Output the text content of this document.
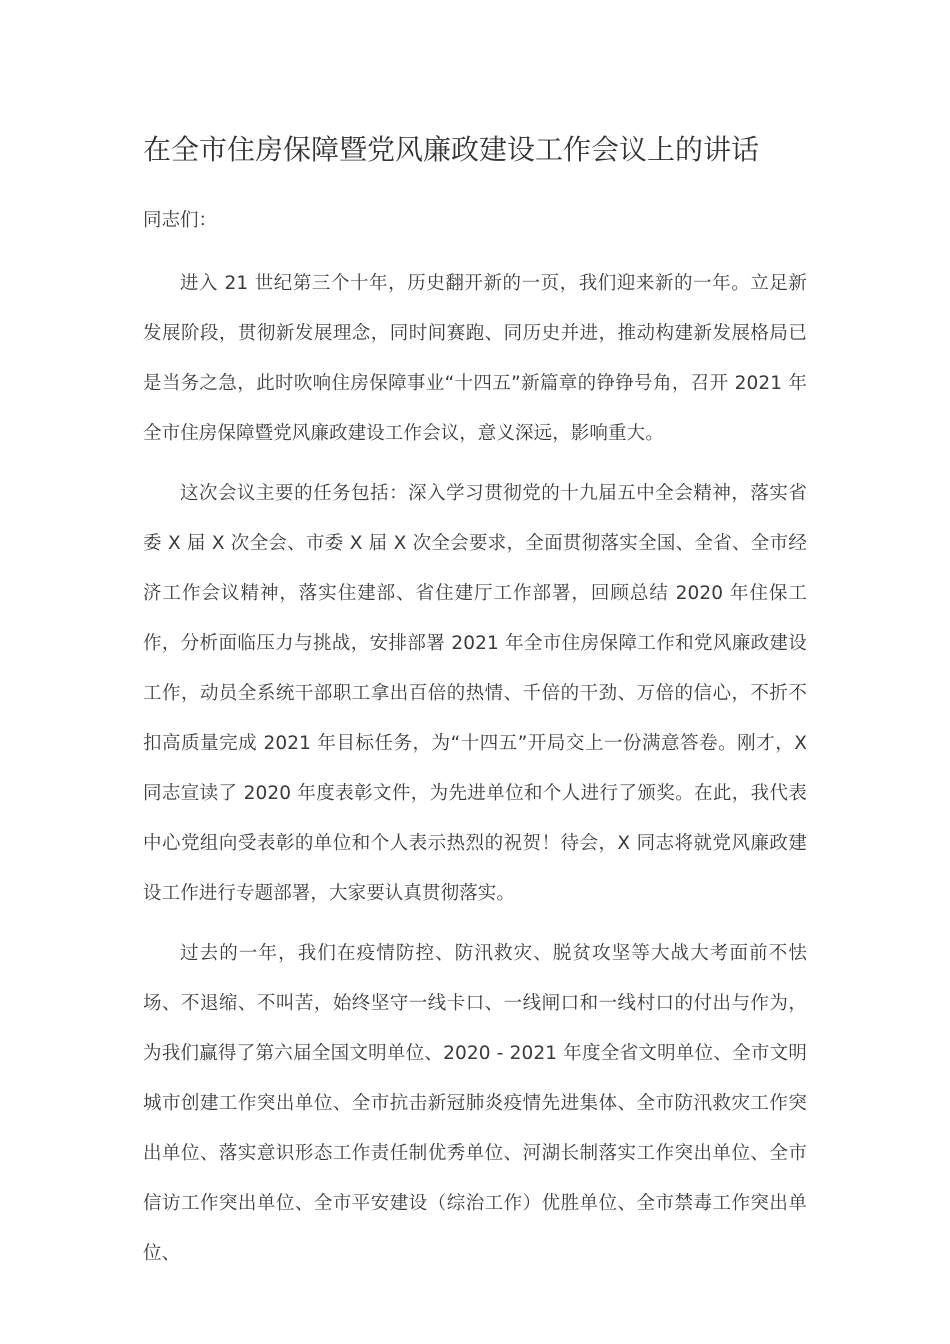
在全市住房保障暨党风廉政建设工作会议上的讲话

同志们：

进入 21 世纪第三个十年，历史翻开新的一页，我们迎来新的一年。立足新发展阶段，贯彻新发展理念，同时间赛跑、同历史并进，推动构建新发展格局已是当务之急，此时吹响住房保障事业“十四五”新篇章的铮铮号角，召开 2021 年全市住房保障暨党风廉政建设工作会议，意义深远，影响重大。

这次会议主要的任务包括：深入学习贯彻党的十九届五中全会精神，落实省委 X 届 X 次全会、市委 X 届 X 次全会要求，全面贯彻落实全国、全省、全市经济工作会议精神，落实住建部、省住建厅工作部署，回顾总结 2020 年住保工作，分析面临压力与挑战，安排部署 2021 年全市住房保障工作和党风廉政建设工作，动员全系统干部职工拿出百倍的热情、千倍的干劲、万倍的信心，不折不扣高质量完成 2021 年目标任务，为“十四五”开局交上一份满意答卷。刚才，X 同志宣读了 2020 年度表彰文件，为先进单位和个人进行了颁奖。在此，我代表中心党组向受表彰的单位和个人表示热烈的祝贺！待会，X 同志将就党风廉政建设工作进行专题部署，大家要认真贯彻落实。

过去的一年，我们在疫情防控、防汛救灾、脱贫攻坚等大战大考面前不怯场、不退缩、不叫苦，始终坚守一线卡口、一线闸口和一线村口的付出与作为，为我们赢得了第六届全国文明单位、2020 - 2021 年度全省文明单位、全市文明城市创建工作突出单位、全市抗击新冠肺炎疫情先进集体、全市防汛救灾工作突出单位、落实意识形态工作责任制优秀单位、河湖长制落实工作突出单位、全市信访工作突出单位、全市平安建设（综治工作）优胜单位、全市禁毒工作突出单位、
